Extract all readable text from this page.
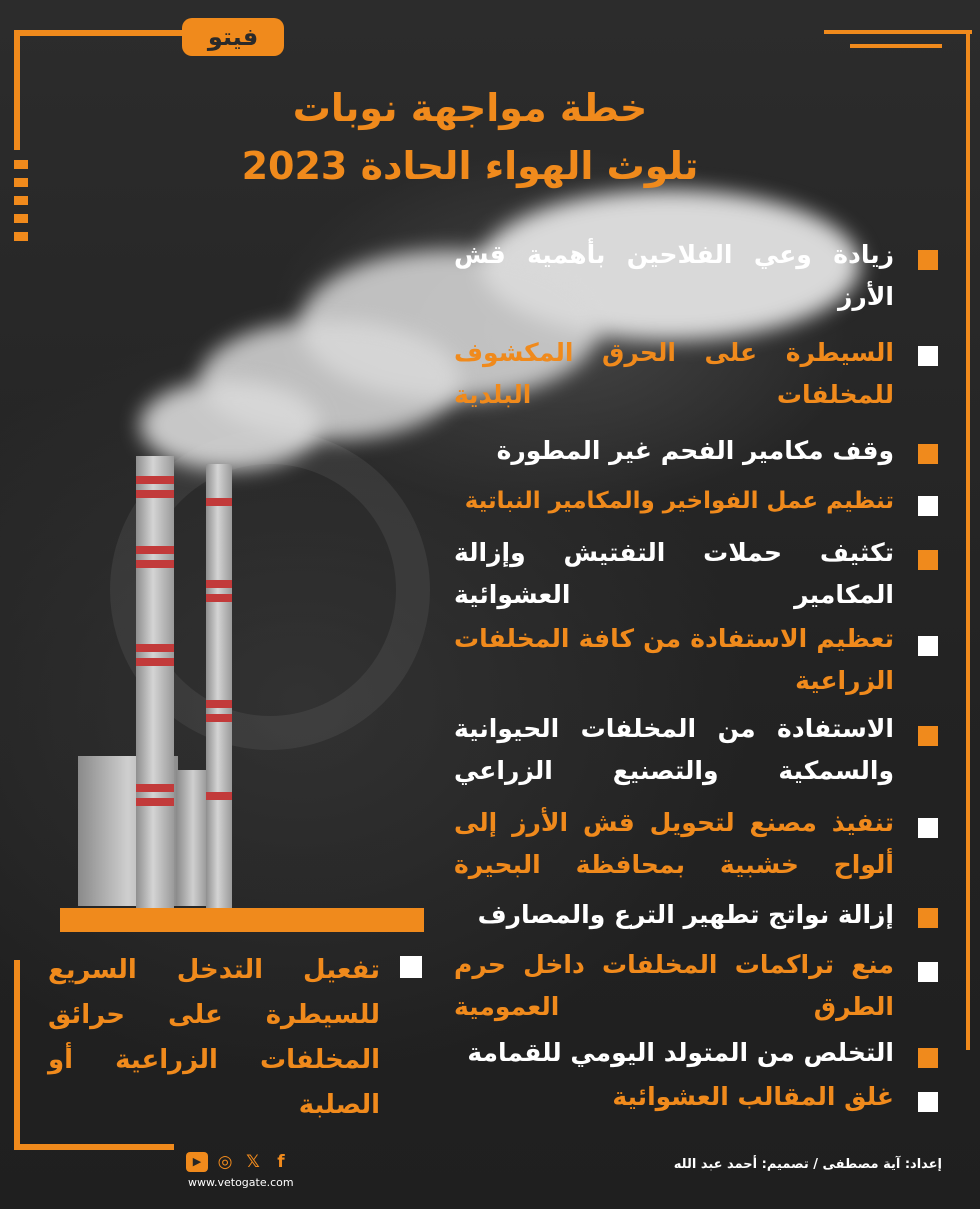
فيتو
خطة مواجهة نوبات
تلوث الهواء الحادة 2023
زيادة وعي الفلاحين بأهمية قش الأرز
السيطرة على الحرق المكشوف للمخلفات البلدية
وقف مكامير الفحم غير المطورة
تنظيم عمل الفواخير والمكامير النباتية
تكثيف حملات التفتيش وإزالة المكامير العشوائية
تعظيم الاستفادة من كافة المخلفات الزراعية
الاستفادة من المخلفات الحيوانية والسمكية والتصنيع الزراعي
تنفيذ مصنع لتحويل قش الأرز إلى ألواح خشبية بمحافظة البحيرة
إزالة نواتج تطهير الترع والمصارف
منع تراكمات المخلفات داخل حرم الطرق العمومية
التخلص من المتولد اليومي للقمامة
غلق المقالب العشوائية
تفعيل التدخل السريع للسيطرة على حرائق المخلفات الزراعية أو
الصلبة
▶ ◎ 𝕏	f
www.vetogate.com
إعداد: آية مصطفى / تصميم: أحمد عبد الله
